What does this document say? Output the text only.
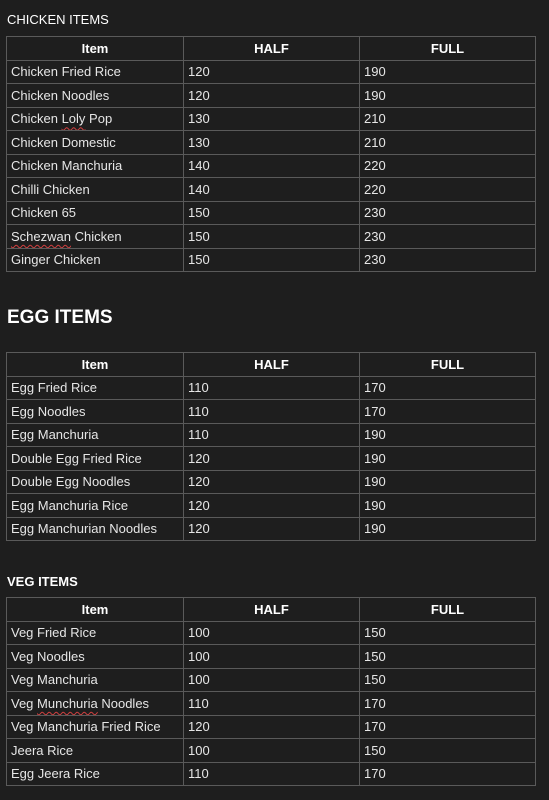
CHICKEN ITEMS
Item	HALF	FULL
Chicken Fried Rice	120	190
Chicken Noodles	120	190
Chicken Loly Pop	130	210
Chicken Domestic	130	210
Chicken Manchuria	140	220
Chilli Chicken	140	220
Chicken 65	150	230
Schezwan Chicken	150	230
Ginger Chicken	150	230
EGG ITEMS
Item	HALF	FULL
Egg Fried Rice	110	170
Egg Noodles	110	170
Egg Manchuria	110	190
Double Egg Fried Rice	120	190
Double Egg Noodles	120	190
Egg Manchuria Rice	120	190
Egg Manchurian Noodles	120	190
VEG ITEMS
Item	HALF	FULL
Veg Fried Rice	100	150
Veg Noodles	100	150
Veg Manchuria	100	150
Veg Munchuria Noodles	110	170
Veg Manchuria Fried Rice	120	170
Jeera Rice	100	150
Egg Jeera Rice	110	170
